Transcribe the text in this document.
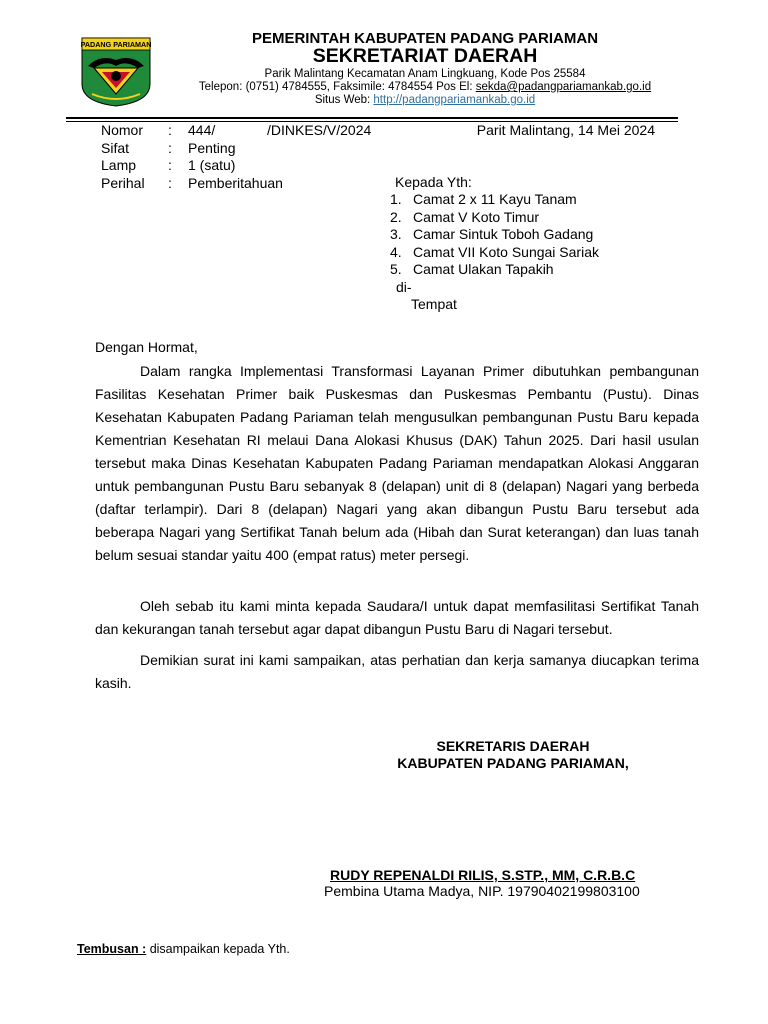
PADANG PARIAMAN	PEMERINTAH KABUPATEN PADANG PARIAMAN
SEKRETARIAT DAERAH
Parik Malintang Kecamatan Anam Lingkuang, Kode Pos 25584
Telepon: (0751) 4784555, Faksimile: 4784554 Pos El: sekda@padangpariamankab.go.id
Situs Web: http://padangpariamankab.go.id
Nomor : 444/	/DINKES/V/2024	Parit Malintang, 14 Mei 2024
Sifat	: Penting
Lamp : 1 (satu)
Perihal : Pemberitahuan	Kepada Yth:
1. Camat 2 x 11 Kayu Tanam
2. Camat V Koto Timur
3. Camar Sintuk Toboh Gadang
4. Camat VII Koto Sungai Sariak
5. Camat Ulakan Tapakih
di-
Tempat
Dengan Hormat,

Dalam rangka Implementasi Transformasi Layanan Primer dibutuhkan pembangunan Fasilitas Kesehatan Primer baik Puskesmas dan Puskesmas Pembantu (Pustu). Dinas Kesehatan Kabupaten Padang Pariaman telah mengusulkan pembangunan Pustu Baru kepada Kementrian Kesehatan RI melaui Dana Alokasi Khusus (DAK) Tahun 2025. Dari hasil usulan tersebut maka Dinas Kesehatan Kabupaten Padang Pariaman mendapatkan Alokasi Anggaran untuk pembangunan Pustu Baru sebanyak 8 (delapan) unit di 8 (delapan) Nagari yang berbeda (daftar terlampir). Dari 8 (delapan) Nagari yang akan dibangun Pustu Baru tersebut ada beberapa Nagari yang Sertifikat Tanah belum ada (Hibah dan Surat keterangan) dan luas tanah belum sesuai standar yaitu 400 (empat ratus) meter persegi.

Oleh sebab itu kami minta kepada Saudara/I untuk dapat memfasilitasi Sertifikat Tanah dan kekurangan tanah tersebut agar dapat dibangun Pustu Baru di Nagari tersebut.

Demikian surat ini kami sampaikan, atas perhatian dan kerja samanya diucapkan terima kasih.

SEKRETARIS DAERAH
KABUPATEN PADANG PARIAMAN,
RUDY REPENALDI RILIS, S.STP., MM, C.R.B.C
Pembina Utama Madya, NIP. 19790402199803100
Tembusan : disampaikan kepada Yth.
